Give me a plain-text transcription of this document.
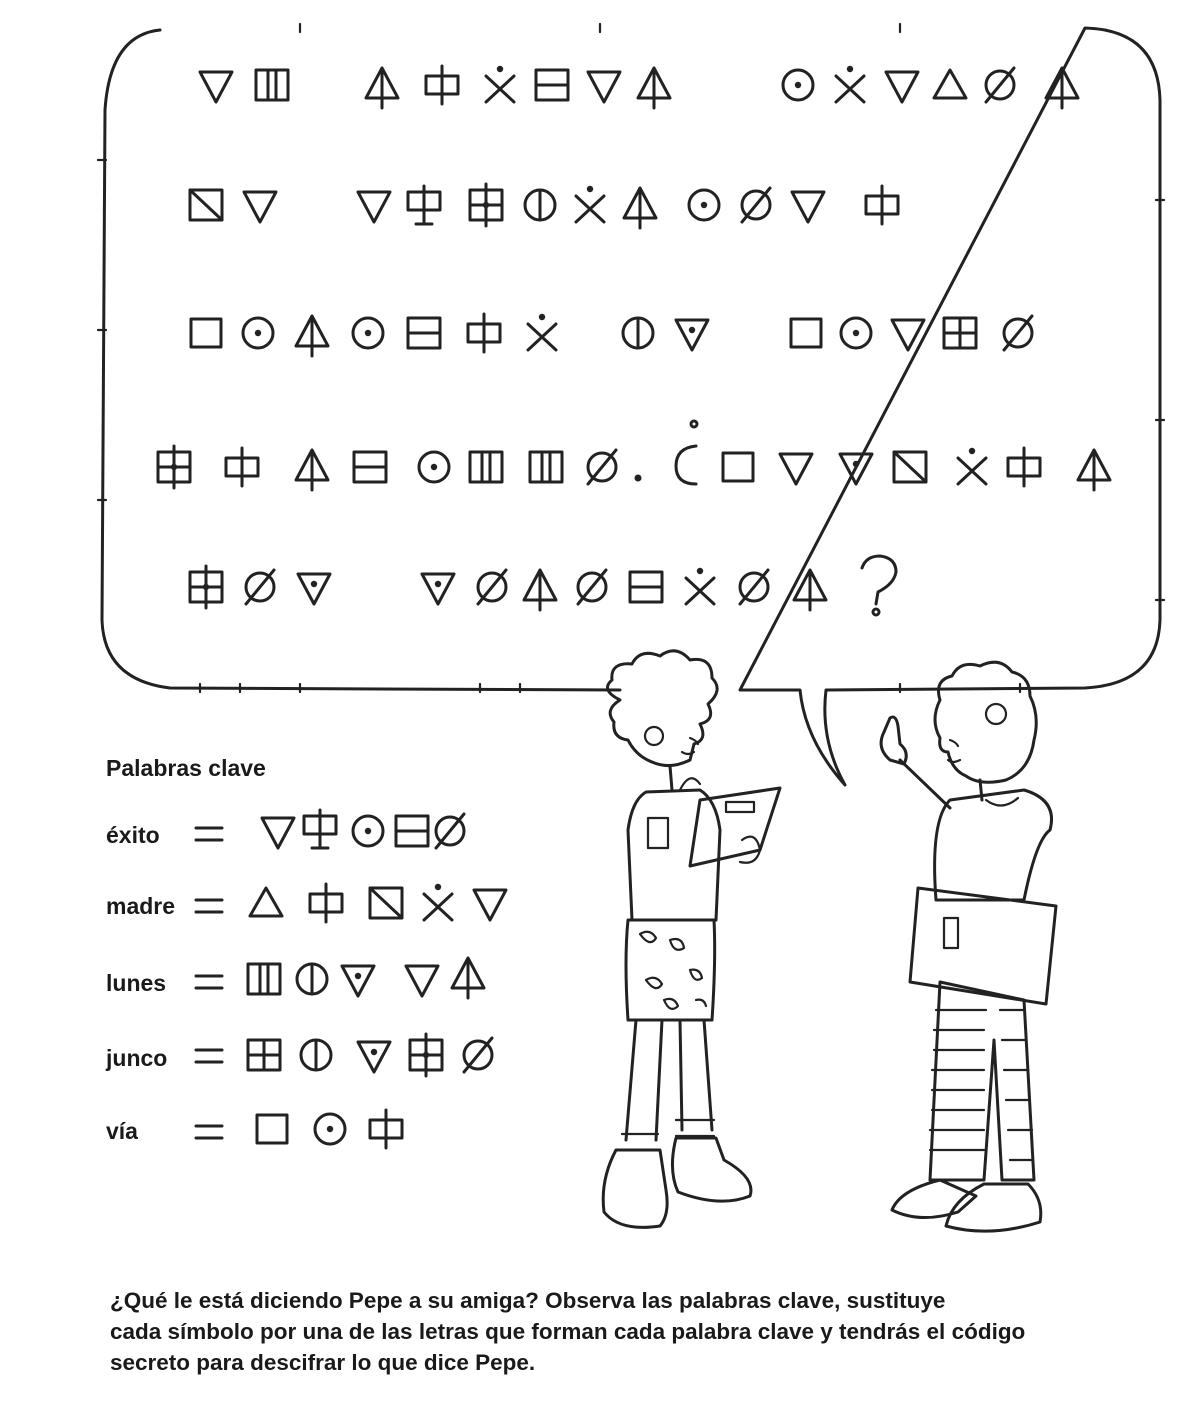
Palabras clave
éxito
madre
lunes
junco
vía

¿Qué le está diciendo Pepe a su amiga? Observa las palabras clave, sustituye

cada símbolo por una de las letras que forman cada palabra clave y tendrás el código

secreto para descifrar lo que dice Pepe.
